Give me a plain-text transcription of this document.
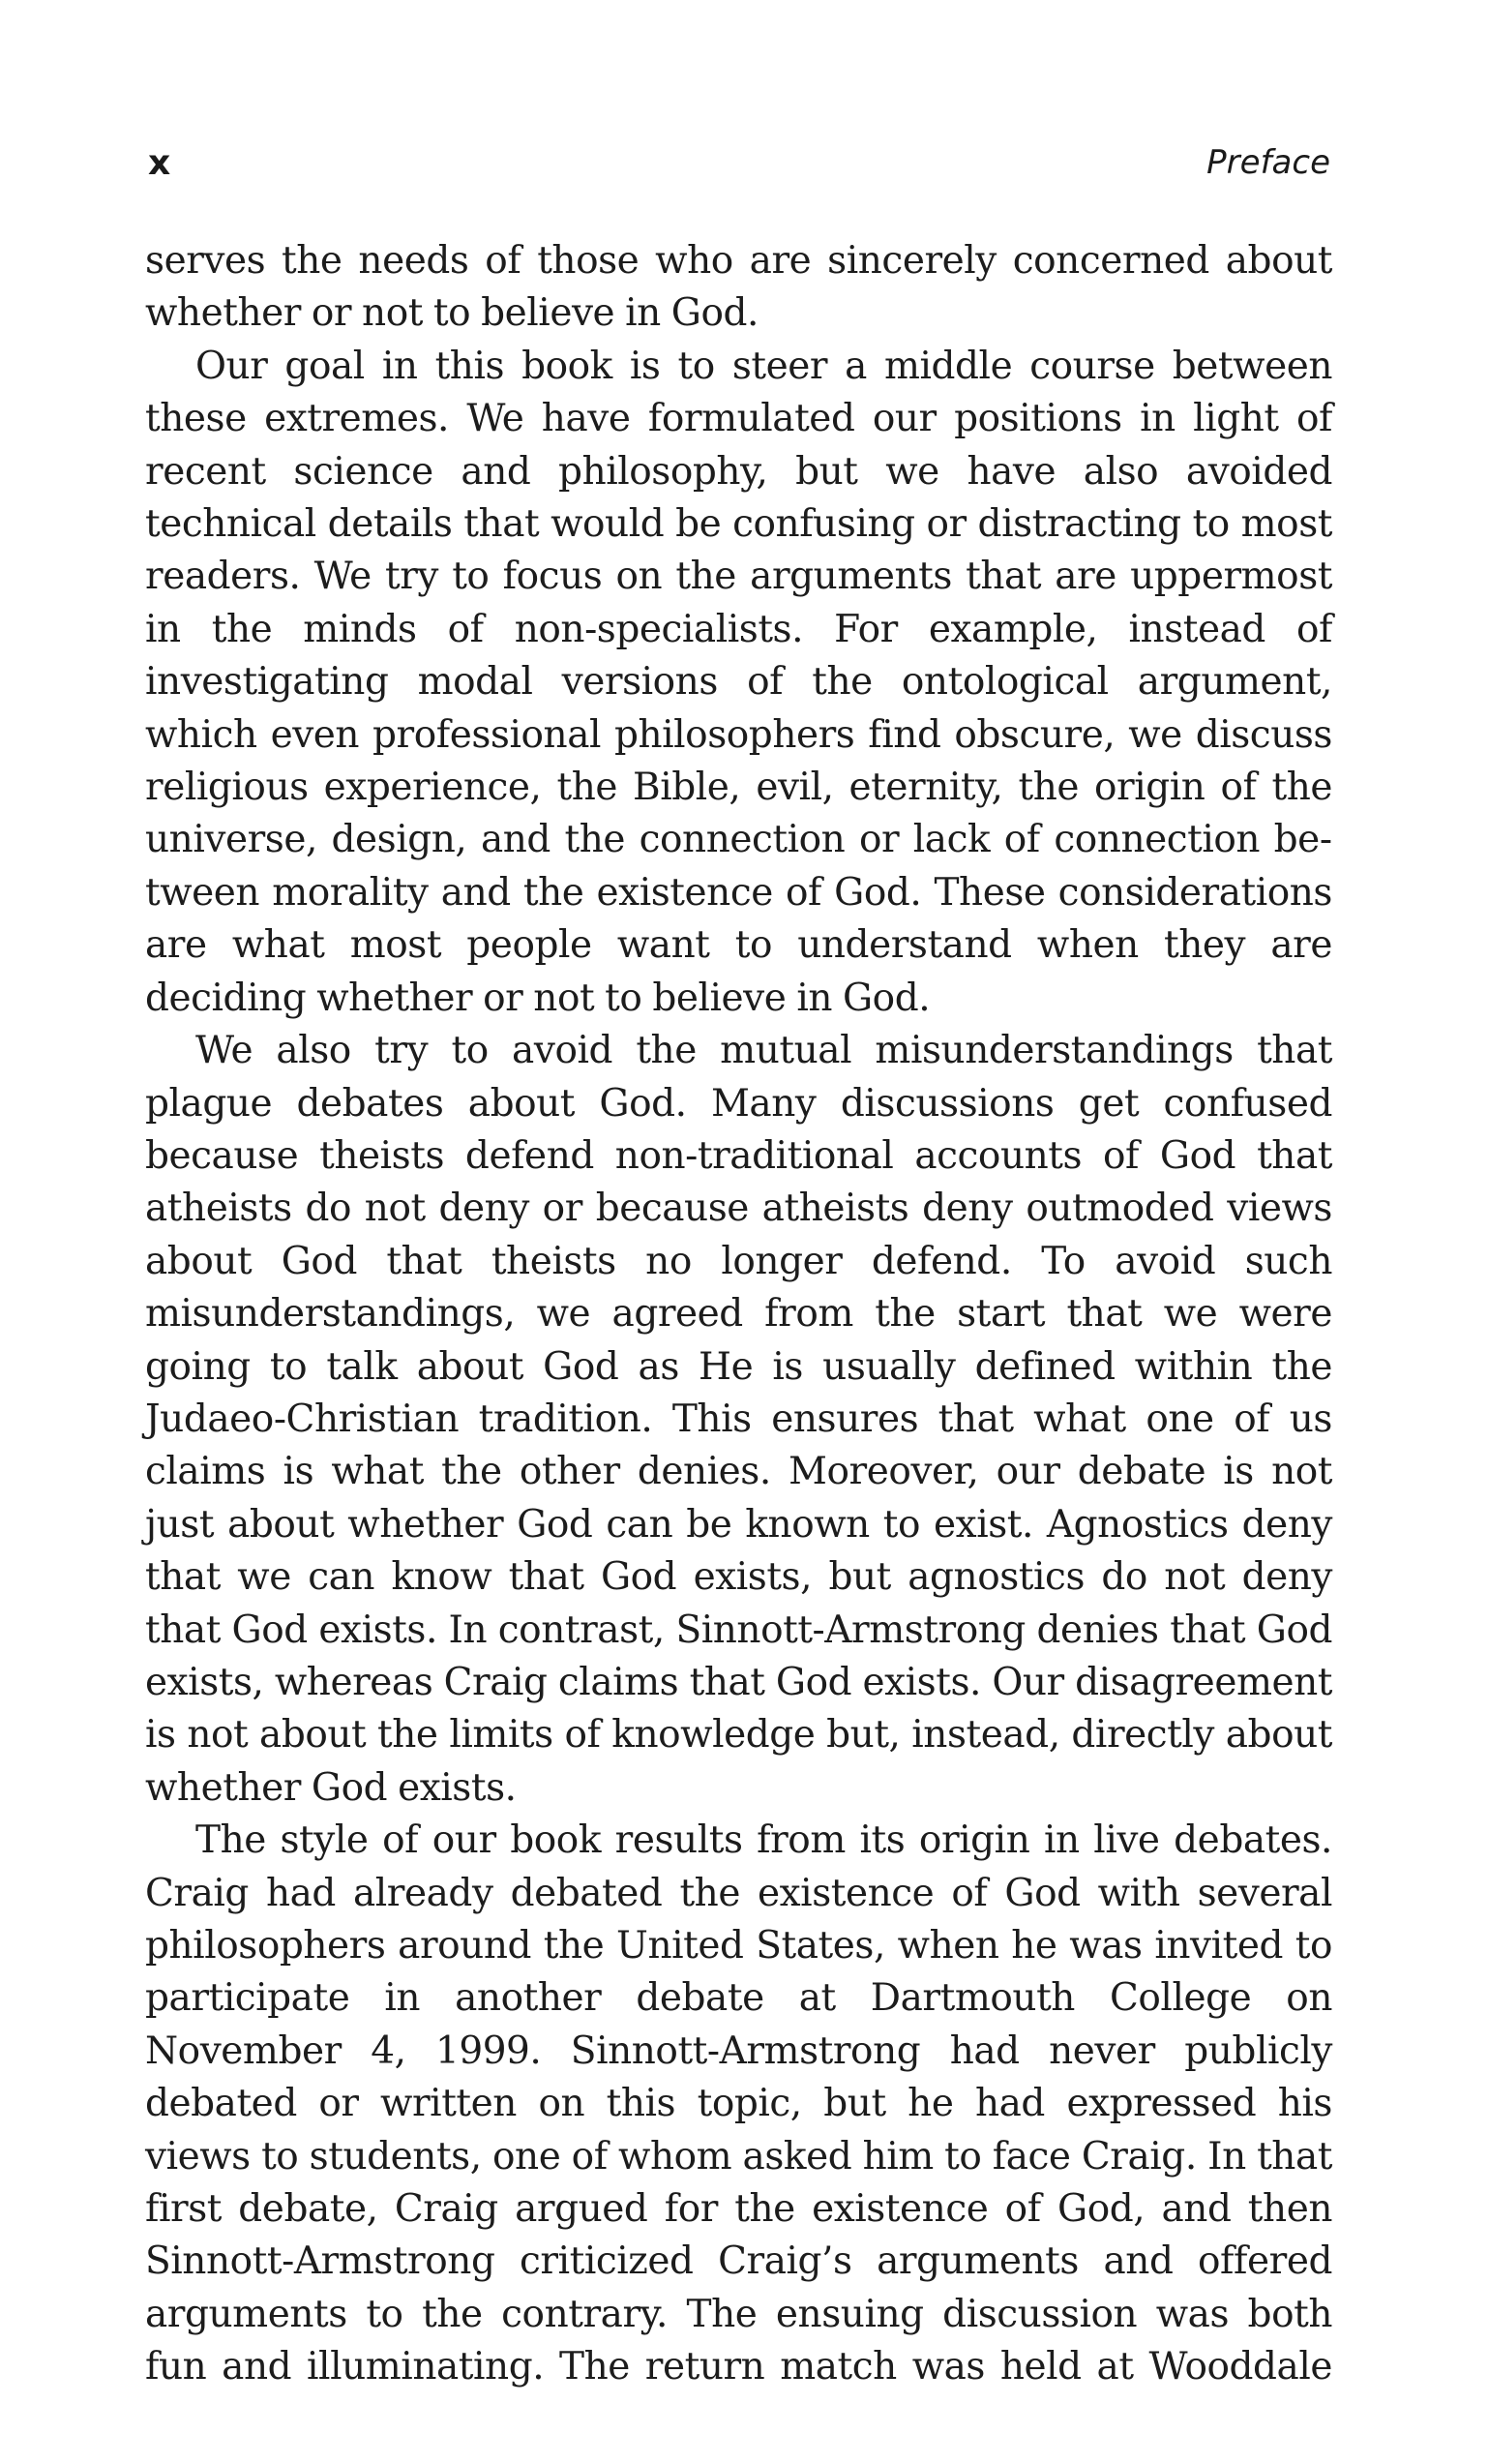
x	Preface

serves the needs of those who are sincerely concerned about whether or not to believe in God.

Our goal in this book is to steer a middle course between these extremes. We have formulated our positions in light of recent science and philosophy, but we have also avoided technical details that would be confusing or distracting to most readers. We try to focus on the arguments that are uppermost in the minds of non-specialists. For example, instead of investigating modal versions of the ontological argument, which even professional philosophers find obscure, we discuss religious experience, the Bible, evil, eternity, the origin of the universe, design, and the connection or lack of connection between morality and the existence of God. These considerations are what most people want to understand when they are deciding whether or not to believe in God.

We also try to avoid the mutual misunderstandings that plague debates about God. Many discussions get confused because theists defend non-traditional accounts of God that atheists do not deny or because atheists deny outmoded views about God that theists no longer defend. To avoid such misunderstandings, we agreed from the start that we were going to talk about God as He is usually defined within the Judaeo-Christian tradition. This ensures that what one of us claims is what the other denies. Moreover, our debate is not just about whether God can be known to exist. Agnostics deny that we can know that God exists, but agnostics do not deny that God exists. In contrast, Sinnott-Armstrong denies that God exists, whereas Craig claims that God exists. Our disagreement is not about the limits of knowledge but, instead, directly about whether God exists.

The style of our book results from its origin in live debates. Craig had already debated the existence of God with several philosophers around the United States, when he was invited to participate in another debate at Dartmouth College on November 4, 1999. Sinnott-Armstrong had never publicly debated or written on this topic, but he had expressed his views to students, one of whom asked him to face Craig. In that first debate, Craig argued for the existence of God, and then Sinnott-Armstrong criticized Craig’s arguments and offered arguments to the contrary. The ensuing discussion was both fun and illuminating. The return match was held at Wooddale
